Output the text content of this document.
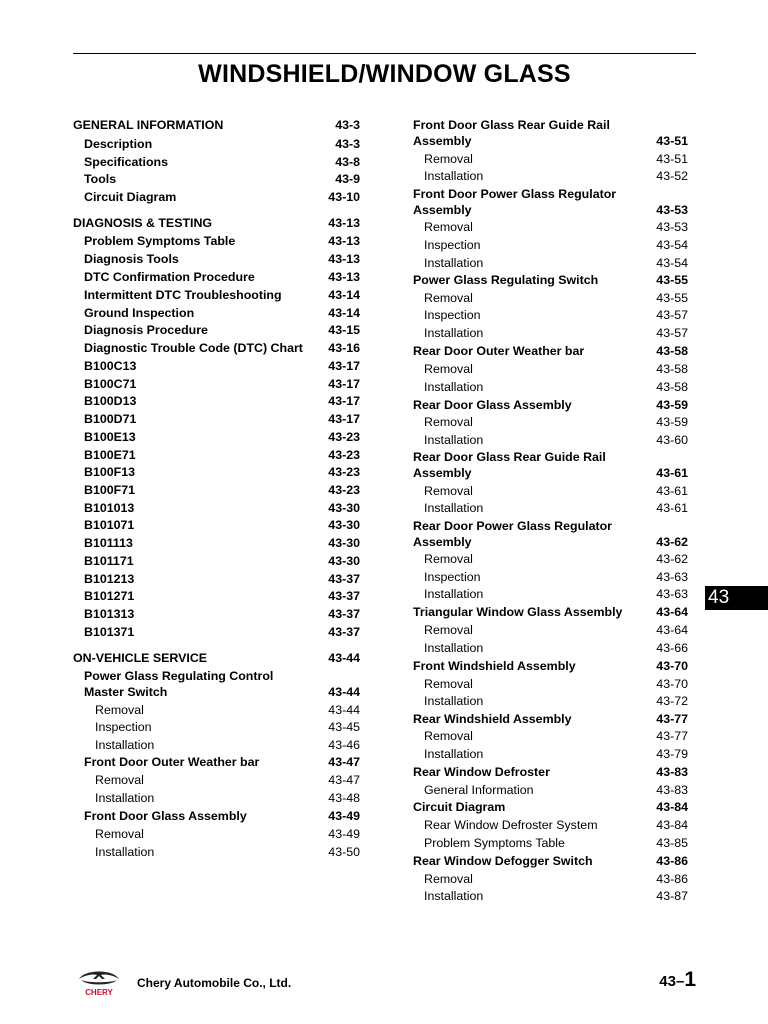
WINDSHIELD/WINDOW GLASS
GENERAL INFORMATION	43-3
Description	43-3
Specifications	43-8
Tools	43-9
Circuit Diagram	43-10
DIAGNOSIS & TESTING	43-13
Problem Symptoms Table	43-13
Diagnosis Tools	43-13
DTC Confirmation Procedure	43-13
Intermittent DTC Troubleshooting	43-14
Ground Inspection	43-14
Diagnosis Procedure	43-15
Diagnostic Trouble Code (DTC) Chart 43-16
B100C13	43-17
B100C71	43-17
B100D13	43-17
B100D71	43-17
B100E13	43-23
B100E71	43-23
B100F13	43-23
B100F71	43-23
B101013	43-30
B101071	43-30
B101113	43-30
B101171	43-30
B101213	43-37
B101271	43-37
B101313	43-37
B101371	43-37
ON-VEHICLE SERVICE	43-44
Power Glass Regulating Control Master Switch	43-44
Removal	43-44
Inspection	43-45
Installation	43-46
Front Door Outer Weather bar	43-47
Removal	43-47
Installation	43-48
Front Door Glass Assembly	43-49
Removal	43-49
Installation	43-50
Front Door Glass Rear Guide Rail Assembly	43-51
Removal	43-51
Installation	43-52
Front Door Power Glass Regulator Assembly	43-53
Removal	43-53
Inspection	43-54
Installation	43-54
Power Glass Regulating Switch	43-55
Removal	43-55
Inspection	43-57
Installation	43-57
Rear Door Outer Weather bar	43-58
Removal	43-58
Installation	43-58
Rear Door Glass Assembly	43-59
Removal	43-59
Installation	43-60
Rear Door Glass Rear Guide Rail Assembly	43-61
Removal	43-61
Installation	43-61
Rear Door Power Glass Regulator Assembly	43-62
Removal	43-62
Inspection	43-63
Installation	43-63
Triangular Window Glass Assembly	43-64
Removal	43-64
Installation	43-66
Front Windshield Assembly	43-70
Removal	43-70
Installation	43-72
Rear Windshield Assembly	43-77
Removal	43-77
Installation	43-79
Rear Window Defroster	43-83
General Information	43-83
Circuit Diagram	43-84
Rear Window Defroster System	43-84
Problem Symptoms Table	43-85
Rear Window Defogger Switch	43-86
Removal	43-86
Installation	43-87
43
CHERY
Chery Automobile Co., Ltd.	43–1
